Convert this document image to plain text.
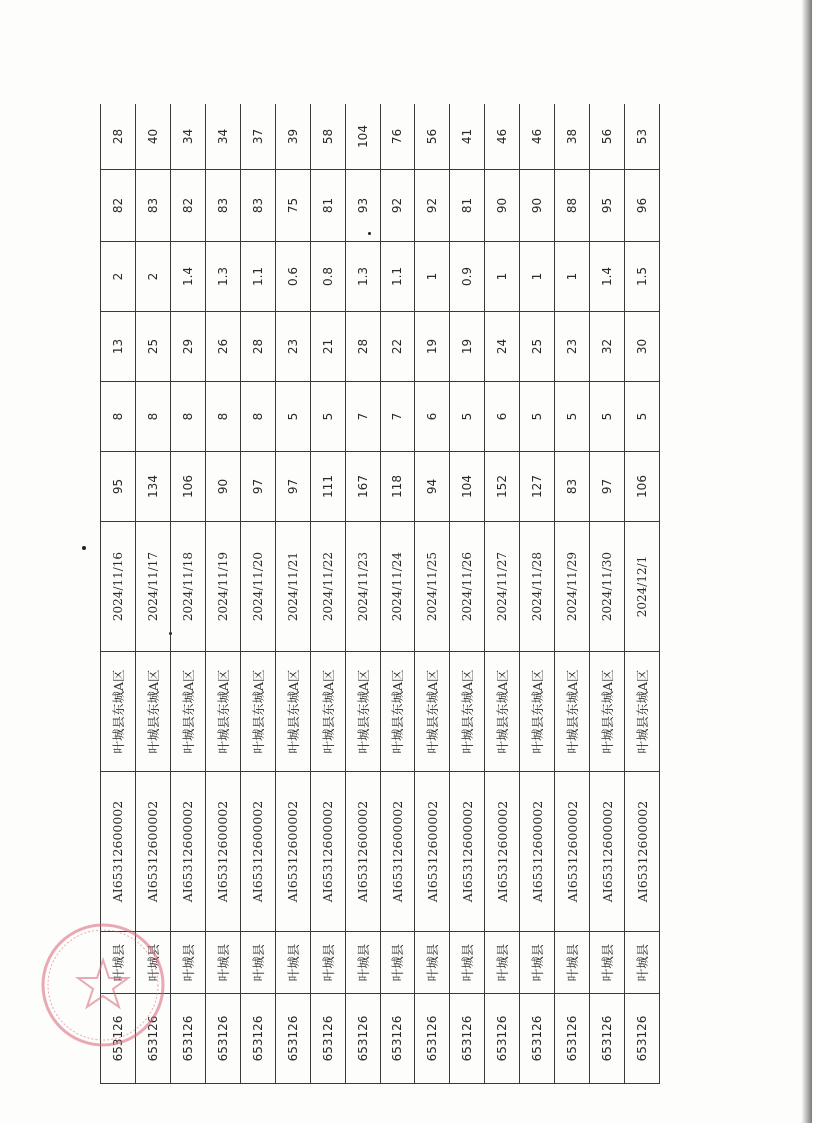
653126	叶城县	AI65312600002	叶城县东城A区	2024/11/16	95	8	13	2	82	28	
653126	叶城县	AI65312600002	叶城县东城A区	2024/11/17	134	8	25	2	83	40	
653126	叶城县	AI65312600002	叶城县东城A区	2024/11/18	106	8	29	1.4	82	34	
653126	叶城县	AI65312600002	叶城县东城A区	2024/11/19	90	8	26	1.3	83	34	
653126	叶城县	AI65312600002	叶城县东城A区	2024/11/20	97	8	28	1.1	83	37	
653126	叶城县	AI65312600002	叶城县东城A区	2024/11/21	97	5	23	0.6	75	39	
653126	叶城县	AI65312600002	叶城县东城A区	2024/11/22	111	5	21	0.8	81	58	
653126	叶城县	AI65312600002	叶城县东城A区	2024/11/23	167	7	28	1.3	93	104	
653126	叶城县	AI65312600002	叶城县东城A区	2024/11/24	118	7	22	1.1	92	76	
653126	叶城县	AI65312600002	叶城县东城A区	2024/11/25	94	6	19	1	92	56	
653126	叶城县	AI65312600002	叶城县东城A区	2024/11/26	104	5	19	0.9	81	41	
653126	叶城县	AI65312600002	叶城县东城A区	2024/11/27	152	6	24	1	90	46	
653126	叶城县	AI65312600002	叶城县东城A区	2024/11/28	127	5	25	1	90	46	
653126	叶城县	AI65312600002	叶城县东城A区	2024/11/29	83	5	23	1	88	38	
653126	叶城县	AI65312600002	叶城县东城A区	2024/11/30	97	5	32	1.4	95	56	
653126	叶城县	AI65312600002	叶城县东城A区	2024/12/1	106	5	30	1.5	96	53	
